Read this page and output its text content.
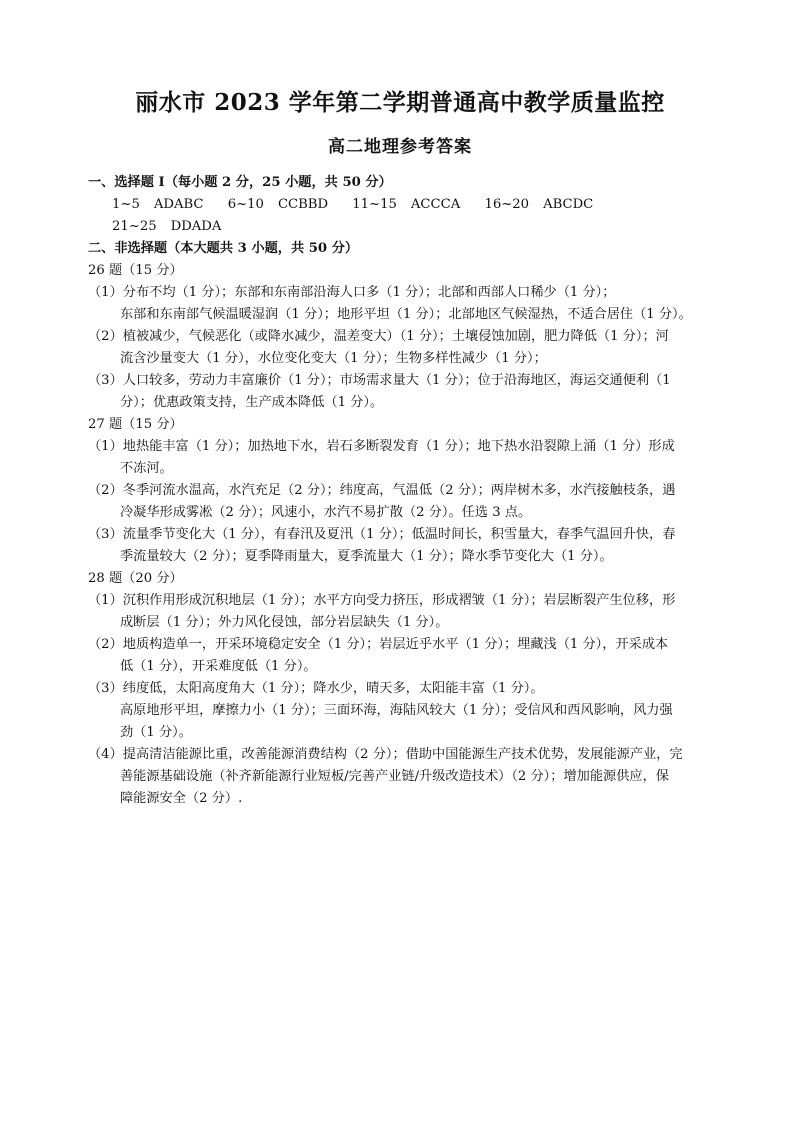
丽水市 2023 学年第二学期普通高中教学质量监控
高二地理参考答案
一、选择题 I（每小题 2 分，25 小题，共 50 分）
1~5 ADABC 6~10 CCBBD 11~15 ACCCA 16~20 ABCDC
21~25 DDADA
二、非选择题（本大题共 3 小题，共 50 分）
26 题（15 分）
（1）分布不均（1 分）；东部和东南部沿海人口多（1 分）；北部和西部人口稀少（1 分）；
东部和东南部气候温暖湿润（1 分）；地形平坦（1 分）；北部地区气候湿热，不适合居住（1 分）。
（2）植被减少，气候恶化（或降水减少，温差变大）（1 分）；土壤侵蚀加剧，肥力降低（1 分）；河
流含沙量变大（1 分），水位变化变大（1 分）；生物多样性减少（1 分）；
（3）人口较多，劳动力丰富廉价（1 分）；市场需求量大（1 分）；位于沿海地区，海运交通便利（1
分）；优惠政策支持，生产成本降低（1 分）。
27 题（15 分）
（1）地热能丰富（1 分）；加热地下水，岩石多断裂发育（1 分）；地下热水沿裂隙上涌（1 分）形成
不冻河。
（2）冬季河流水温高，水汽充足（2 分）；纬度高，气温低（2 分）；两岸树木多，水汽接触枝条，遇
冷凝华形成雾凇（2 分）；风速小，水汽不易扩散（2 分）。任选 3 点。
（3）流量季节变化大（1 分），有春汛及夏汛（1 分）；低温时间长，积雪量大，春季气温回升快，春
季流量较大（2 分）；夏季降雨量大，夏季流量大（1 分）；降水季节变化大（1 分）。
28 题（20 分）
（1）沉积作用形成沉积地层（1 分）；水平方向受力挤压，形成褶皱（1 分）；岩层断裂产生位移，形
成断层（1 分）；外力风化侵蚀，部分岩层缺失（1 分）。
（2）地质构造单一，开采环境稳定安全（1 分）；岩层近乎水平（1 分）；埋藏浅（1 分），开采成本
低（1 分），开采难度低（1 分）。
（3）纬度低，太阳高度角大（1 分）；降水少，晴天多，太阳能丰富（1 分）。
高原地形平坦，摩擦力小（1 分）；三面环海，海陆风较大（1 分）；受信风和西风影响，风力强
劲（1 分）。
（4）提高清洁能源比重，改善能源消费结构（2 分）；借助中国能源生产技术优势，发展能源产业，完
善能源基础设施（补齐新能源行业短板/完善产业链/升级改造技术）（2 分）；增加能源供应，保
障能源安全（2 分）.
